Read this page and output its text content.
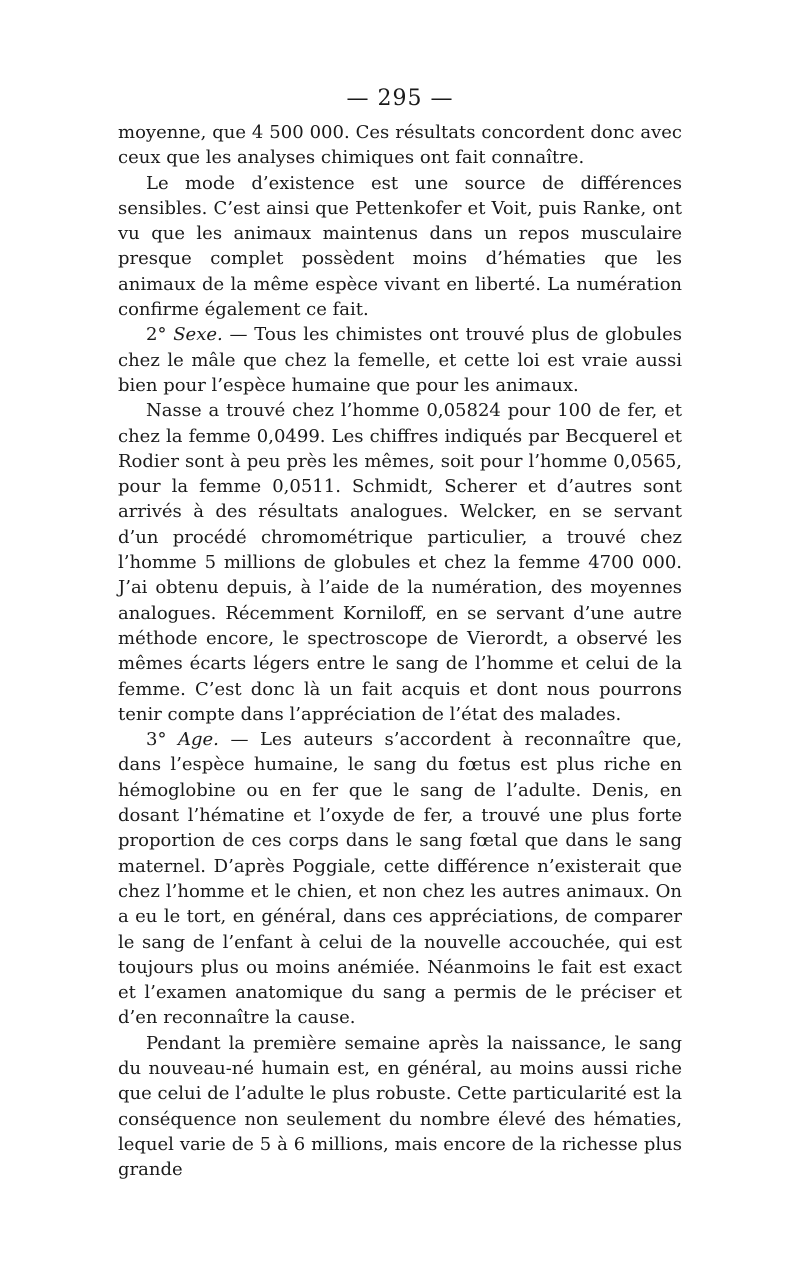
— 295 —

moyenne, que 4 500 000. Ces résultats concordent donc avec ceux que les analyses chimiques ont fait connaître.

Le mode d’existence est une source de différences sensibles. C’est ainsi que Pettenkofer et Voit, puis Ranke, ont vu que les animaux maintenus dans un repos musculaire presque complet possèdent moins d’hématies que les animaux de la même espèce vivant en liberté. La numération confirme également ce fait.

2° Sexe. — Tous les chimistes ont trouvé plus de globules chez le mâle que chez la femelle, et cette loi est vraie aussi bien pour l’espèce humaine que pour les animaux.

Nasse a trouvé chez l’homme 0,05824 pour 100 de fer, et chez la femme 0,0499. Les chiffres indiqués par Becquerel et Rodier sont à peu près les mêmes, soit pour l’homme 0,0565, pour la femme 0,0511. Schmidt, Scherer et d’autres sont arrivés à des résultats analogues. Welcker, en se servant d’un procédé chromométrique particulier, a trouvé chez l’homme 5 millions de globules et chez la femme 4700 000. J’ai obtenu depuis, à l’aide de la numération, des moyennes analogues. Récemment Korniloff, en se servant d’une autre méthode encore, le spectroscope de Vierordt, a observé les mêmes écarts légers entre le sang de l’homme et celui de la femme. C’est donc là un fait acquis et dont nous pourrons tenir compte dans l’appréciation de l’état des malades.

3° Age. — Les auteurs s’accordent à reconnaître que, dans l’espèce humaine, le sang du fœtus est plus riche en hémoglobine ou en fer que le sang de l’adulte. Denis, en dosant l’hématine et l’oxyde de fer, a trouvé une plus forte proportion de ces corps dans le sang fœtal que dans le sang maternel. D’après Poggiale, cette différence n’existerait que chez l’homme et le chien, et non chez les autres animaux. On a eu le tort, en général, dans ces appréciations, de comparer le sang de l’enfant à celui de la nouvelle accouchée, qui est toujours plus ou moins anémiée. Néanmoins le fait est exact et l’examen anatomique du sang a permis de le préciser et d’en reconnaître la cause.

Pendant la première semaine après la naissance, le sang du nouveau-né humain est, en général, au moins aussi riche que celui de l’adulte le plus robuste. Cette particularité est la conséquence non seulement du nombre élevé des hématies, lequel varie de 5 à 6 millions, mais encore de la richesse plus grande
